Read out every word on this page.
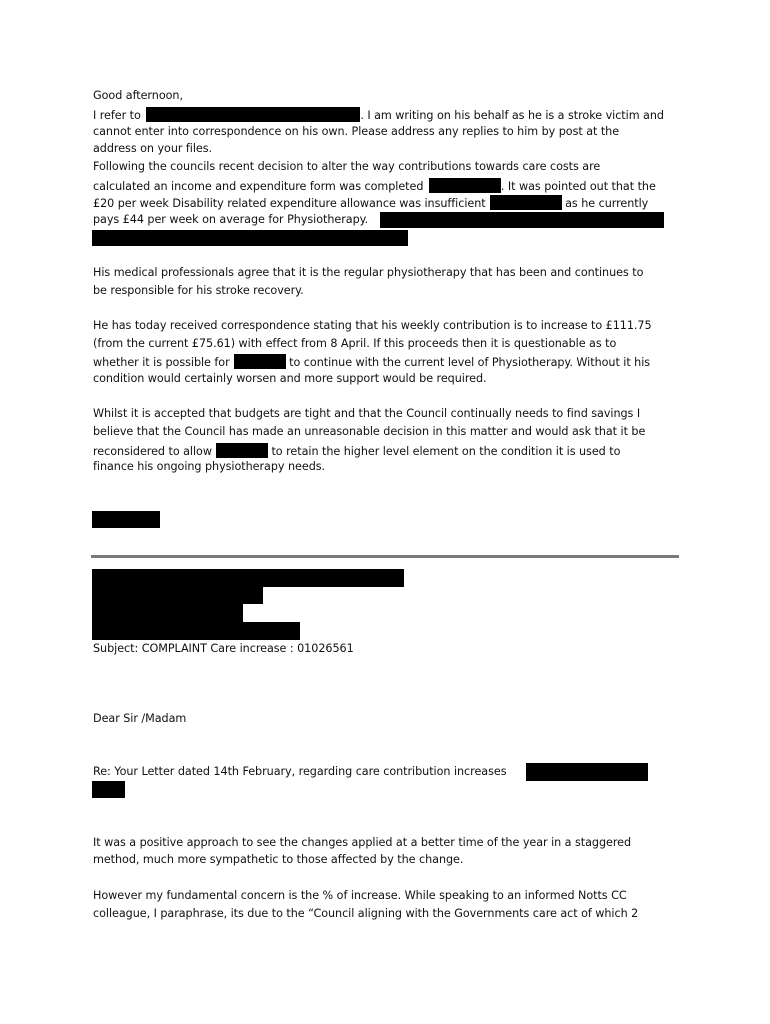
Good afternoon,
I refer to	. I am writing on his behalf as he is a stroke victim and
cannot enter into correspondence on his own. Please address any replies to him by post at the
address on your files.
Following the councils recent decision to alter the way contributions towards care costs are
calculated an income and expenditure form was completed	. It was pointed out that the
£20 per week Disability related expenditure allowance was insufficient	as he currently
pays £44 per week on average for Physiotherapy.
His medical professionals agree that it is the regular physiotherapy that has been and continues to
be responsible for his stroke recovery.
He has today received correspondence stating that his weekly contribution is to increase to £111.75
(from the current £75.61) with effect from 8 April. If this proceeds then it is questionable as to
whether it is possible for	to continue with the current level of Physiotherapy. Without it his
condition would certainly worsen and more support would be required.
Whilst it is accepted that budgets are tight and that the Council continually needs to find savings I
believe that the Council has made an unreasonable decision in this matter and would ask that it be
reconsidered to allow	to retain the higher level element on the condition it is used to
finance his ongoing physiotherapy needs.
Subject: COMPLAINT Care increase : 01026561
Dear Sir /Madam
Re: Your Letter dated 14th February, regarding care contribution increases
It was a positive approach to see the changes applied at a better time of the year in a staggered
method, much more sympathetic to those affected by the change.
However my fundamental concern is the % of increase. While speaking to an informed Notts CC
colleague, I paraphrase, its due to the “Council aligning with the Governments care act of which 2
